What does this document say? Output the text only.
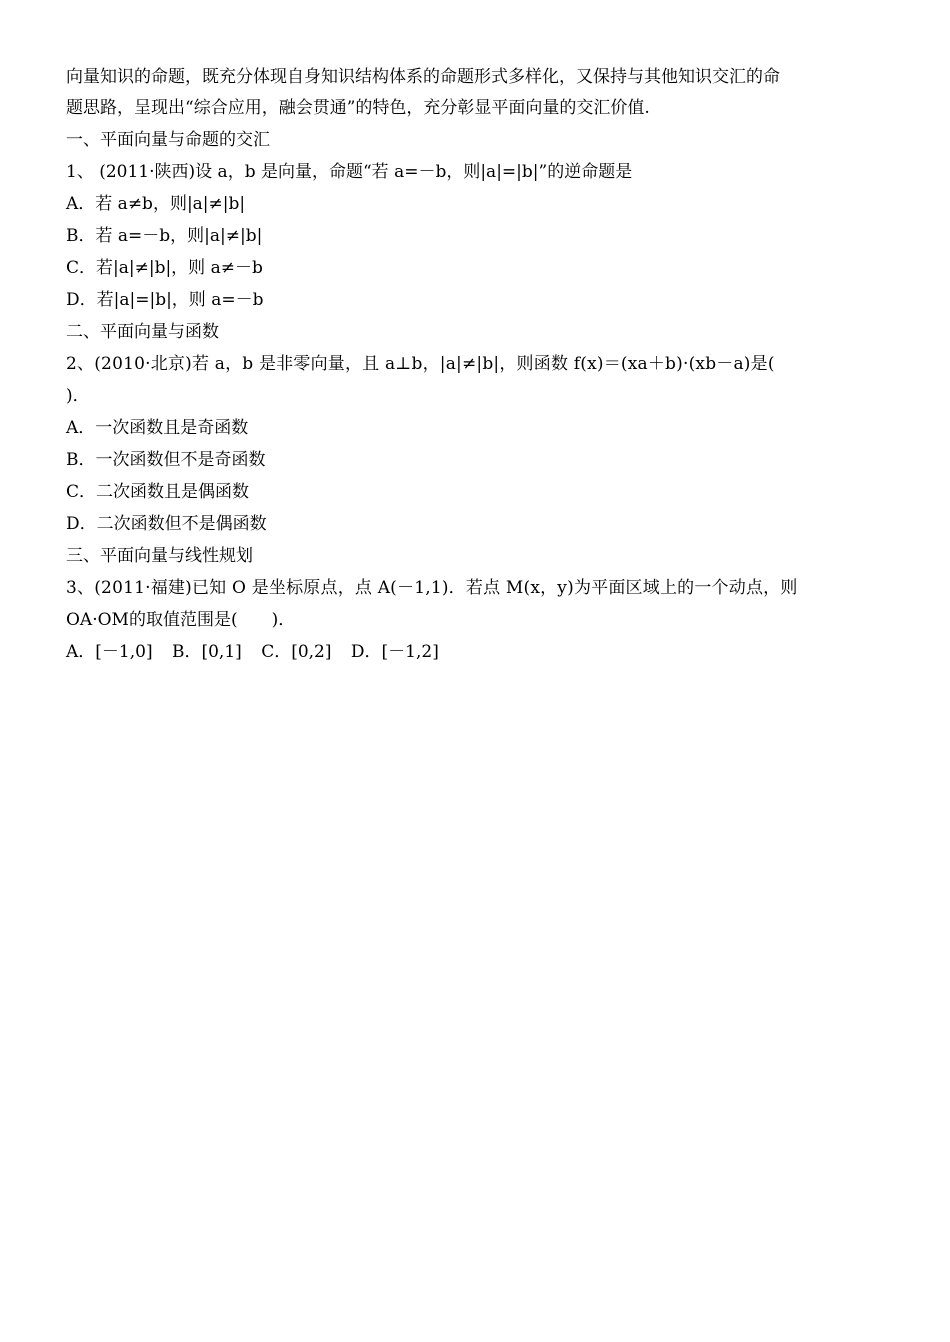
向量知识的命题，既充分体现自身知识结构体系的命题形式多样化，又保持与其他知识交汇的命
题思路，呈现出“综合应用，融会贯通”的特色，充分彰显平面向量的交汇价值.
一、平面向量与命题的交汇
1、 (2011·陕西)设 a，b 是向量，命题“若 a=－b，则|a|=|b|”的逆命题是
A．若 a≠b，则|a|≠|b|
B．若 a=－b，则|a|≠|b|
C．若|a|≠|b|，则 a≠－b
D．若|a|=|b|，则 a=－b
二、平面向量与函数
2、(2010·北京)若 a，b 是非零向量，且 a⊥b，|a|≠|b|，则函数 f(x)＝(xa＋b)·(xb－a)是(
)．
A．一次函数且是奇函数
B．一次函数但不是奇函数
C．二次函数且是偶函数
D．二次函数但不是偶函数
三、平面向量与线性规划
3、(2011·福建)已知 O 是坐标原点，点 A(－1,1)．若点 M(x，y)为平面区域上的一个动点，则
OA·OM的取值范围是(　　)．
A．[－1,0] B．[0,1] C．[0,2] D．[－1,2]
